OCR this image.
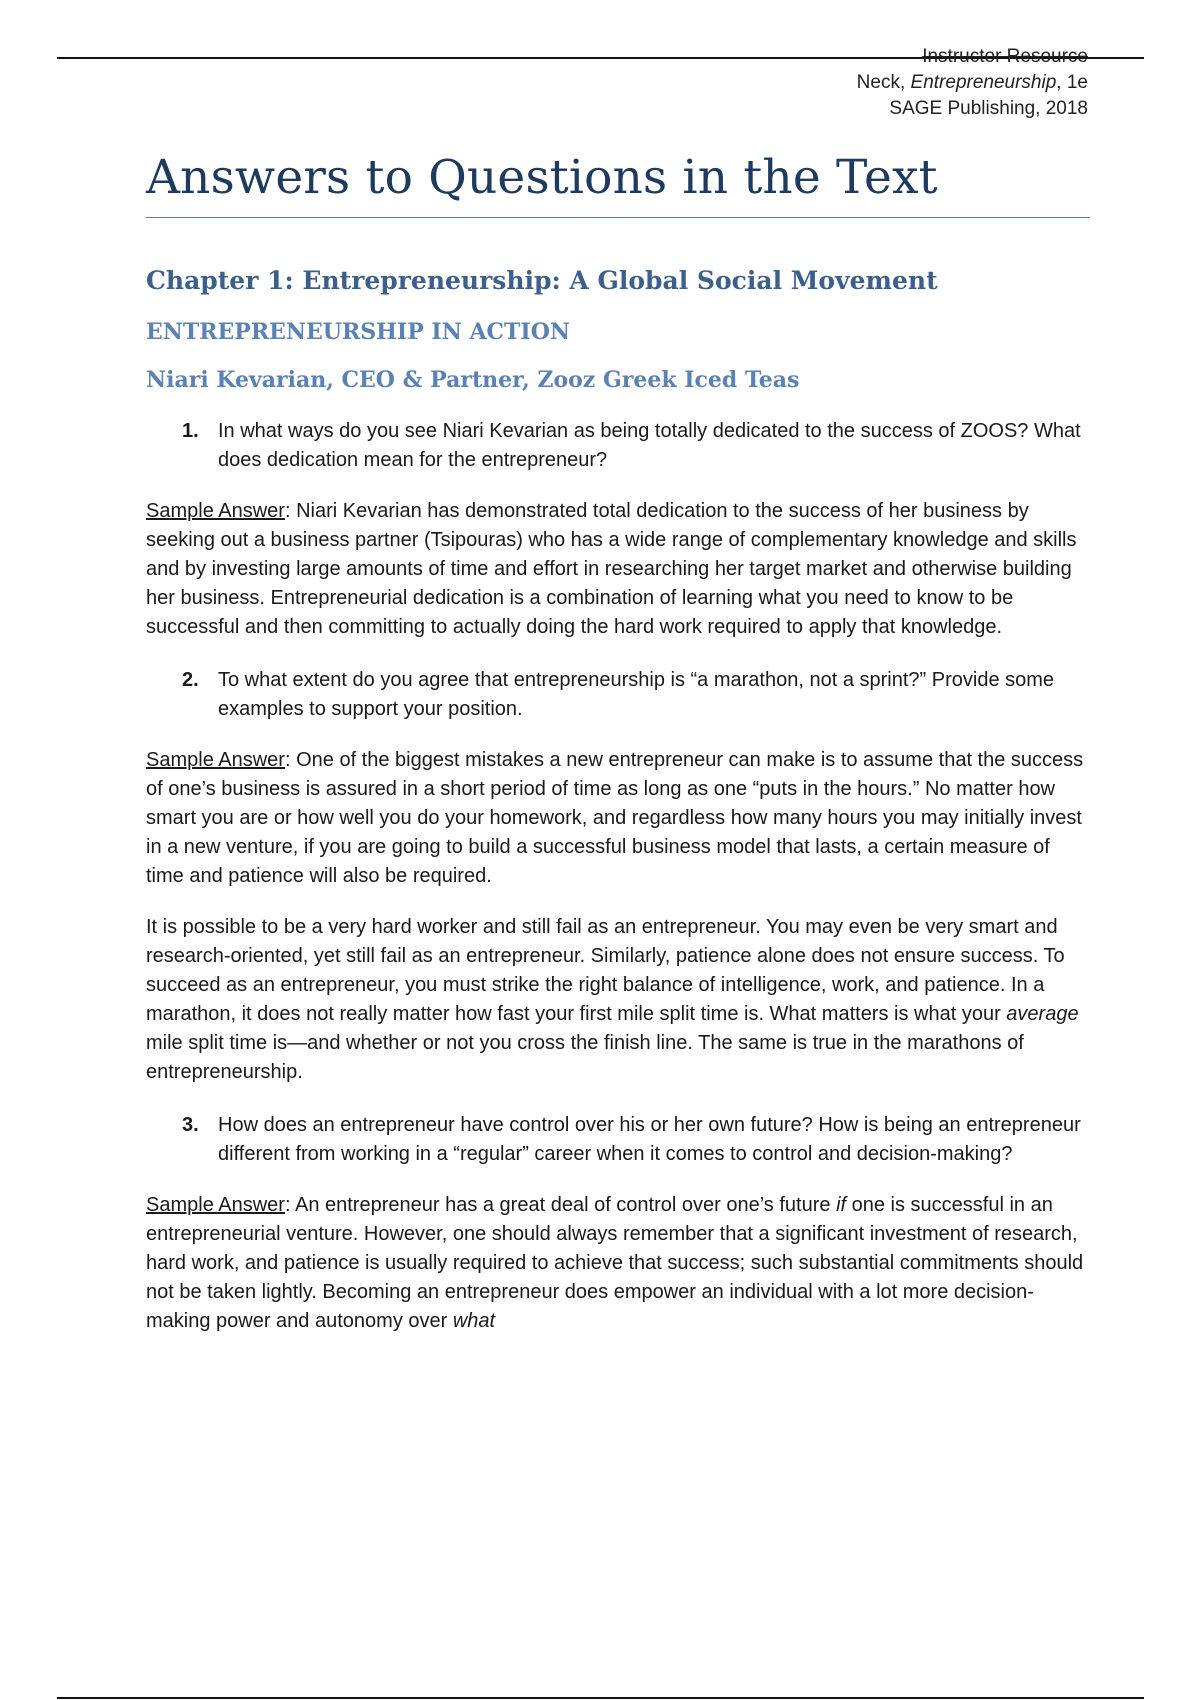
Instructor Resource
Neck, Entrepreneurship, 1e
SAGE Publishing, 2018
Answers to Questions in the Text
Chapter 1: Entrepreneurship: A Global Social Movement
ENTREPRENEURSHIP IN ACTION
Niari Kevarian, CEO & Partner, Zooz Greek Iced Teas
1. In what ways do you see Niari Kevarian as being totally dedicated to the success of ZOOS? What does dedication mean for the entrepreneur?

Sample Answer: Niari Kevarian has demonstrated total dedication to the success of her business by seeking out a business partner (Tsipouras) who has a wide range of complementary knowledge and skills and by investing large amounts of time and effort in researching her target market and otherwise building her business. Entrepreneurial dedication is a combination of learning what you need to know to be successful and then committing to actually doing the hard work required to apply that knowledge.

2. To what extent do you agree that entrepreneurship is “a marathon, not a sprint?” Provide some examples to support your position.

Sample Answer: One of the biggest mistakes a new entrepreneur can make is to assume that the success of one’s business is assured in a short period of time as long as one “puts in the hours.” No matter how smart you are or how well you do your homework, and regardless how many hours you may initially invest in a new venture, if you are going to build a successful business model that lasts, a certain measure of time and patience will also be required.

It is possible to be a very hard worker and still fail as an entrepreneur. You may even be very smart and research-oriented, yet still fail as an entrepreneur. Similarly, patience alone does not ensure success. To succeed as an entrepreneur, you must strike the right balance of intelligence, work, and patience. In a marathon, it does not really matter how fast your first mile split time is. What matters is what your average mile split time is—and whether or not you cross the finish line. The same is true in the marathons of entrepreneurship.

3. How does an entrepreneur have control over his or her own future? How is being an entrepreneur different from working in a “regular” career when it comes to control and decision-making?

Sample Answer: An entrepreneur has a great deal of control over one’s future if one is successful in an entrepreneurial venture. However, one should always remember that a significant investment of research, hard work, and patience is usually required to achieve that success; such substantial commitments should not be taken lightly. Becoming an entrepreneur does empower an individual with a lot more decision-making power and autonomy over what
